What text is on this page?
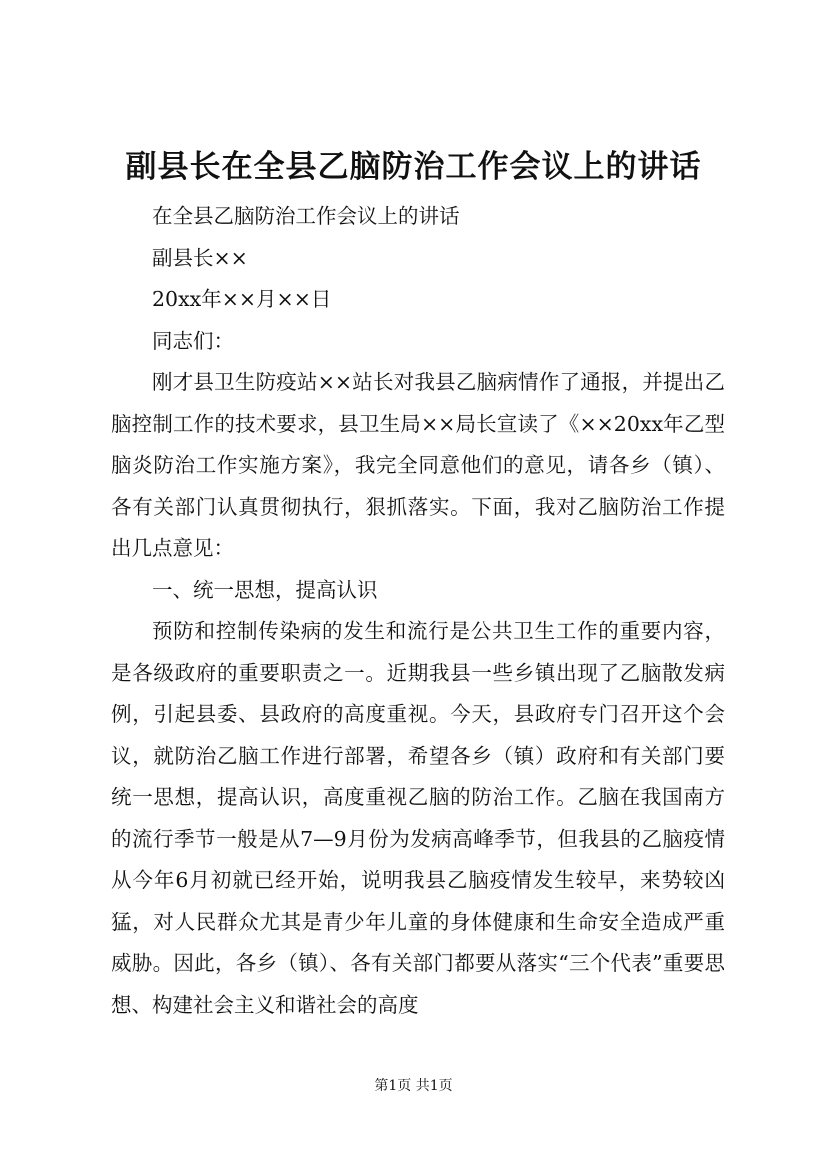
副县长在全县乙脑防治工作会议上的讲话

在全县乙脑防治工作会议上的讲话

副县长××

20xx年××月××日

同志们：

刚才县卫生防疫站××站长对我县乙脑病情作了通报，并提出乙脑控制工作的技术要求，县卫生局××局长宣读了《××20xx年乙型脑炎防治工作实施方案》，我完全同意他们的意见，请各乡（镇）、各有关部门认真贯彻执行，狠抓落实。下面，我对乙脑防治工作提出几点意见：

一、统一思想，提高认识

预防和控制传染病的发生和流行是公共卫生工作的重要内容，是各级政府的重要职责之一。近期我县一些乡镇出现了乙脑散发病例，引起县委、县政府的高度重视。今天，县政府专门召开这个会议，就防治乙脑工作进行部署，希望各乡（镇）政府和有关部门要统一思想，提高认识，高度重视乙脑的防治工作。乙脑在我国南方的流行季节一般是从7—9月份为发病高峰季节，但我县的乙脑疫情从今年6月初就已经开始，说明我县乙脑疫情发生较早，来势较凶猛，对人民群众尤其是青少年儿童的身体健康和生命安全造成严重威胁。因此，各乡（镇）、各有关部门都要从落实“三个代表”重要思想、构建社会主义和谐社会的高度

第1页 共1页
